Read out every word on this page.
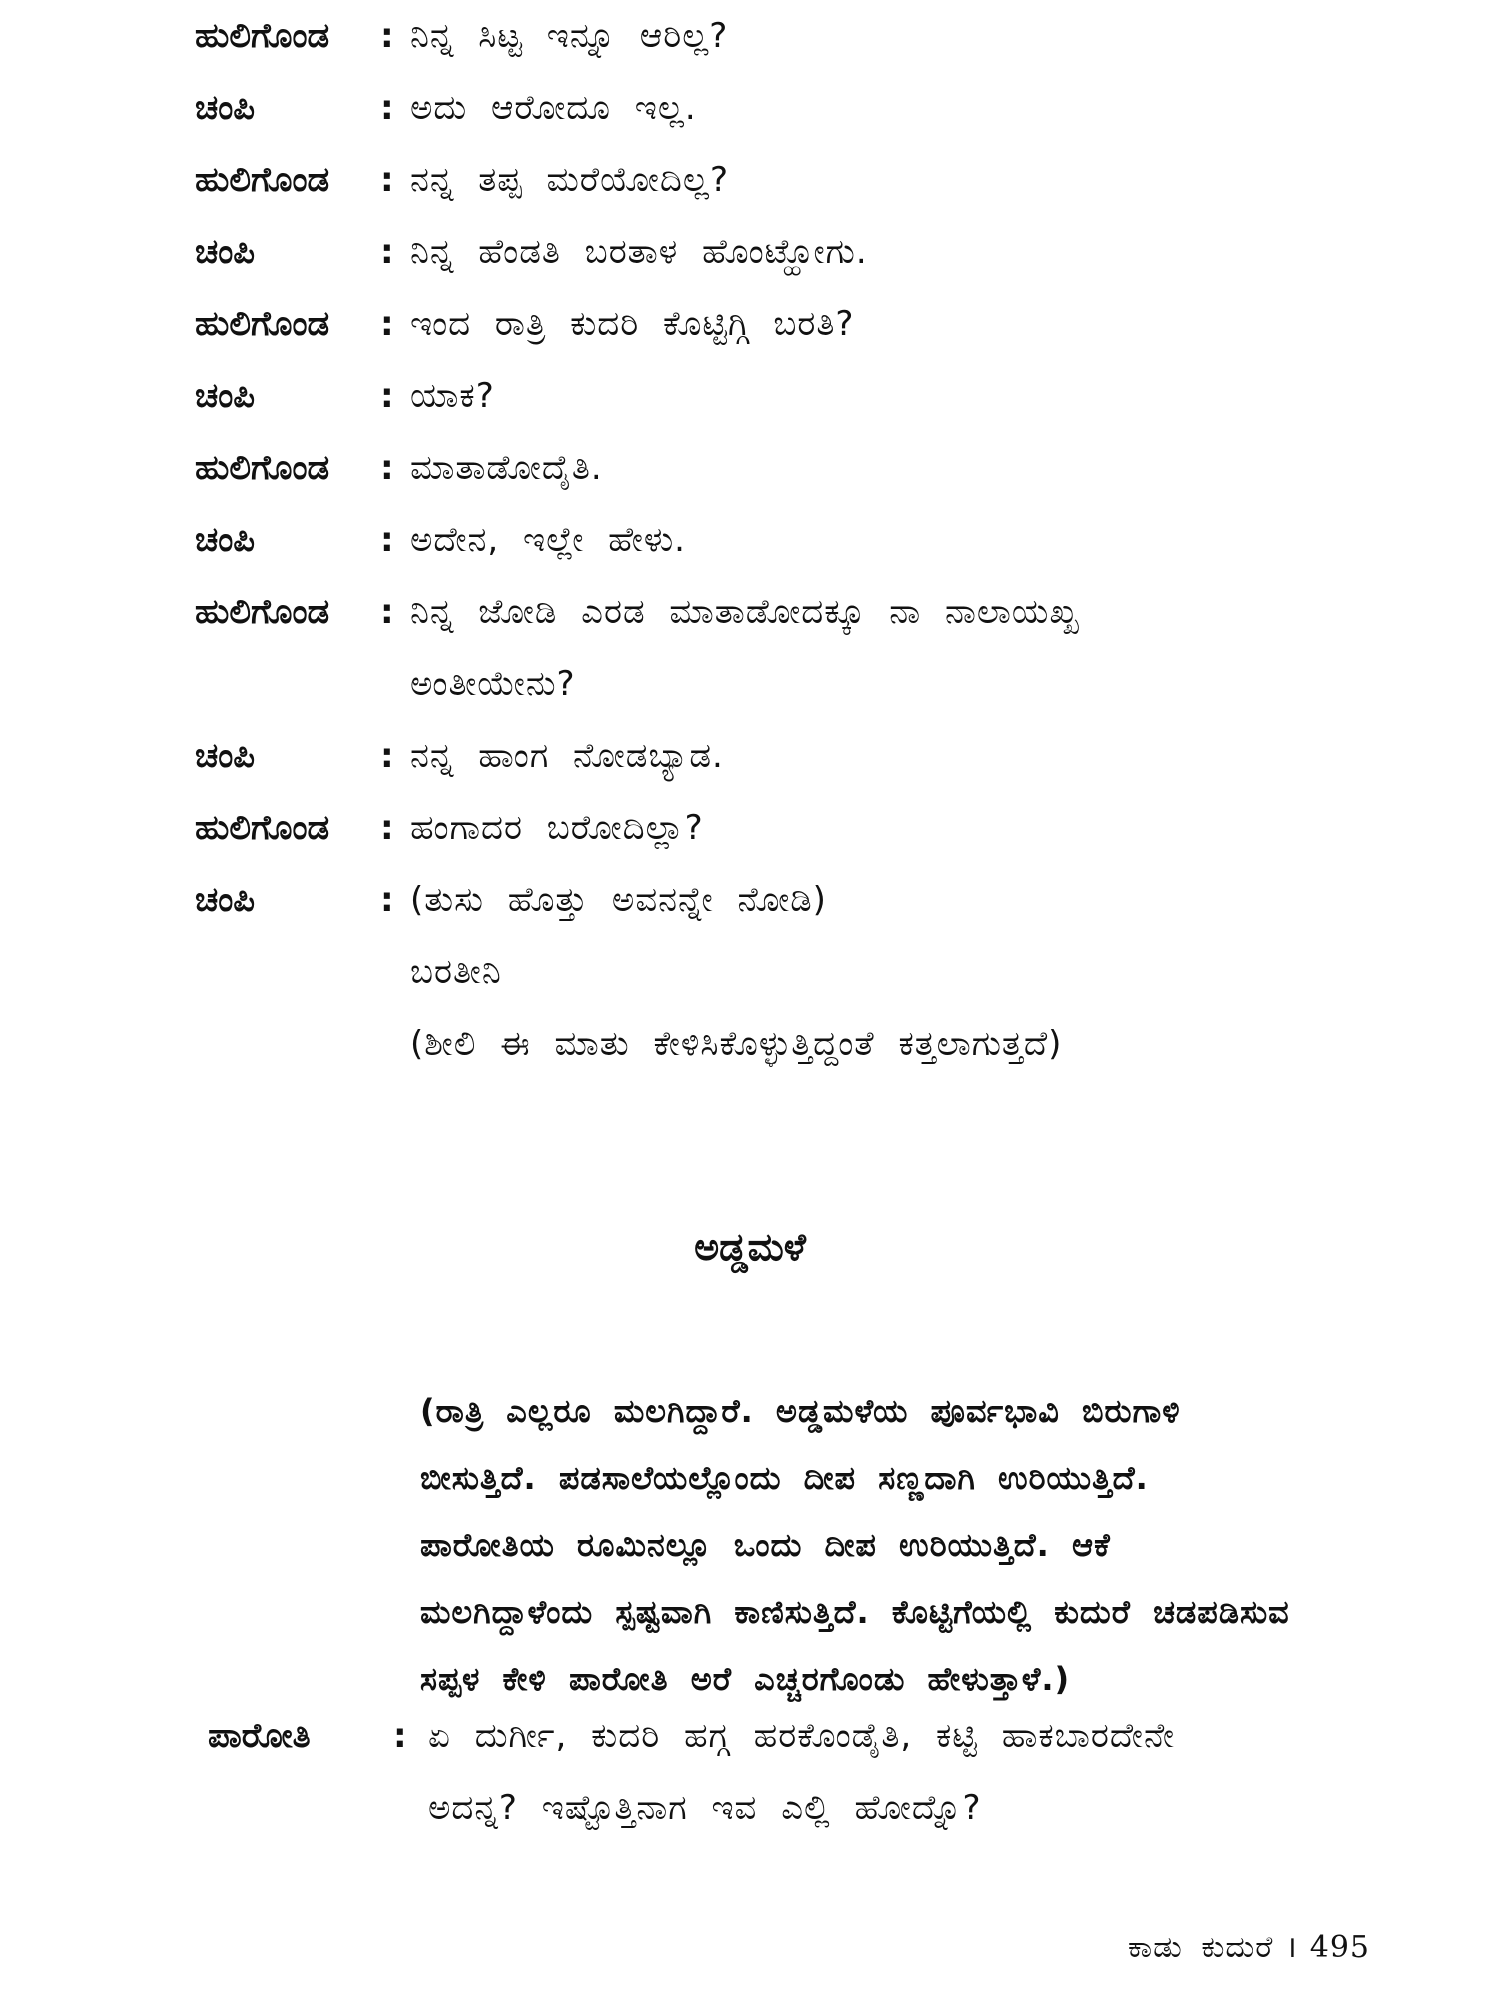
ಹುಲಿಗೊಂಡ	: ನಿನ್ನ ಸಿಟ್ಟ ಇನ್ನೂ ಆರಿಲ್ಲ?
ಚಂಪಿ	: ಅದು ಆರೋದೂ ಇಲ್ಲ.
ಹುಲಿಗೊಂಡ	: ನನ್ನ ತಪ್ಪ ಮರೆಯೋದಿಲ್ಲ?
ಚಂಪಿ	: ನಿನ್ನ ಹೆಂಡತಿ ಬರತಾಳ ಹೊಂಟ್ಹೋಗು.
ಹುಲಿಗೊಂಡ	: ಇಂದ ರಾತ್ರಿ ಕುದರಿ ಕೊಟ್ಟಿಗ್ಗಿ ಬರತಿ?
ಚಂಪಿ	: ಯಾಕ?
ಹುಲಿಗೊಂಡ	: ಮಾತಾಡೋದೈತಿ.
ಚಂಪಿ	: ಅದೇನ, ಇಲ್ಲೇ ಹೇಳು.
ಹುಲಿಗೊಂಡ	: ನಿನ್ನ ಜೋಡಿ ಎರಡ ಮಾತಾಡೋದಕ್ಕೂ ನಾ ನಾಲಾಯಖ್ಖ
ಅಂತೀಯೇನು?
ಚಂಪಿ	: ನನ್ನ ಹಾಂಗ ನೋಡಬ್ಯಾಡ.
ಹುಲಿಗೊಂಡ	: ಹಂಗಾದರ ಬರೋದಿಲ್ಲಾ?
ಚಂಪಿ	: (ತುಸು ಹೊತ್ತು ಅವನನ್ನೇ ನೋಡಿ)
ಬರತೀನಿ
(ಶೀಲಿ ಈ ಮಾತು ಕೇಳಿಸಿಕೊಳ್ಳುತ್ತಿದ್ದಂತೆ ಕತ್ತಲಾಗುತ್ತದೆ)
ಅಡ್ಡಮಳೆ
(ರಾತ್ರಿ ಎಲ್ಲರೂ ಮಲಗಿದ್ದಾರೆ. ಅಡ್ಡಮಳೆಯ ಪೂರ್ವಭಾವಿ ಬಿರುಗಾಳಿ
ಬೀಸುತ್ತಿದೆ. ಪಡಸಾಲೆಯಲ್ಲೊಂದು ದೀಪ ಸಣ್ಣದಾಗಿ ಉರಿಯುತ್ತಿದೆ.
ಪಾರೋತಿಯ ರೂಮಿನಲ್ಲೂ ಒಂದು ದೀಪ ಉರಿಯುತ್ತಿದೆ. ಆಕೆ
ಮಲಗಿದ್ದಾಳೆಂದು ಸ್ಪಷ್ಟವಾಗಿ ಕಾಣಿಸುತ್ತಿದೆ. ಕೊಟ್ಟಿಗೆಯಲ್ಲಿ ಕುದುರೆ ಚಡಪಡಿಸುವ
ಸಪ್ಪಳ ಕೇಳಿ ಪಾರೋತಿ ಅರೆ ಎಚ್ಚರಗೊಂಡು ಹೇಳುತ್ತಾಳೆ.)
ಪಾರೋತಿ	: ಏ ದುರ್ಗೀ, ಕುದರಿ ಹಗ್ಗ ಹರಕೊಂಡೈತಿ, ಕಟ್ಟಿ ಹಾಕಬಾರದೇನೇ
ಅದನ್ನ? ಇಷ್ಟೊತ್ತಿನಾಗ ಇವ ಎಲ್ಲಿ ಹೋದ್ನೊ?
ಕಾಡು ಕುದುರೆ । 495
